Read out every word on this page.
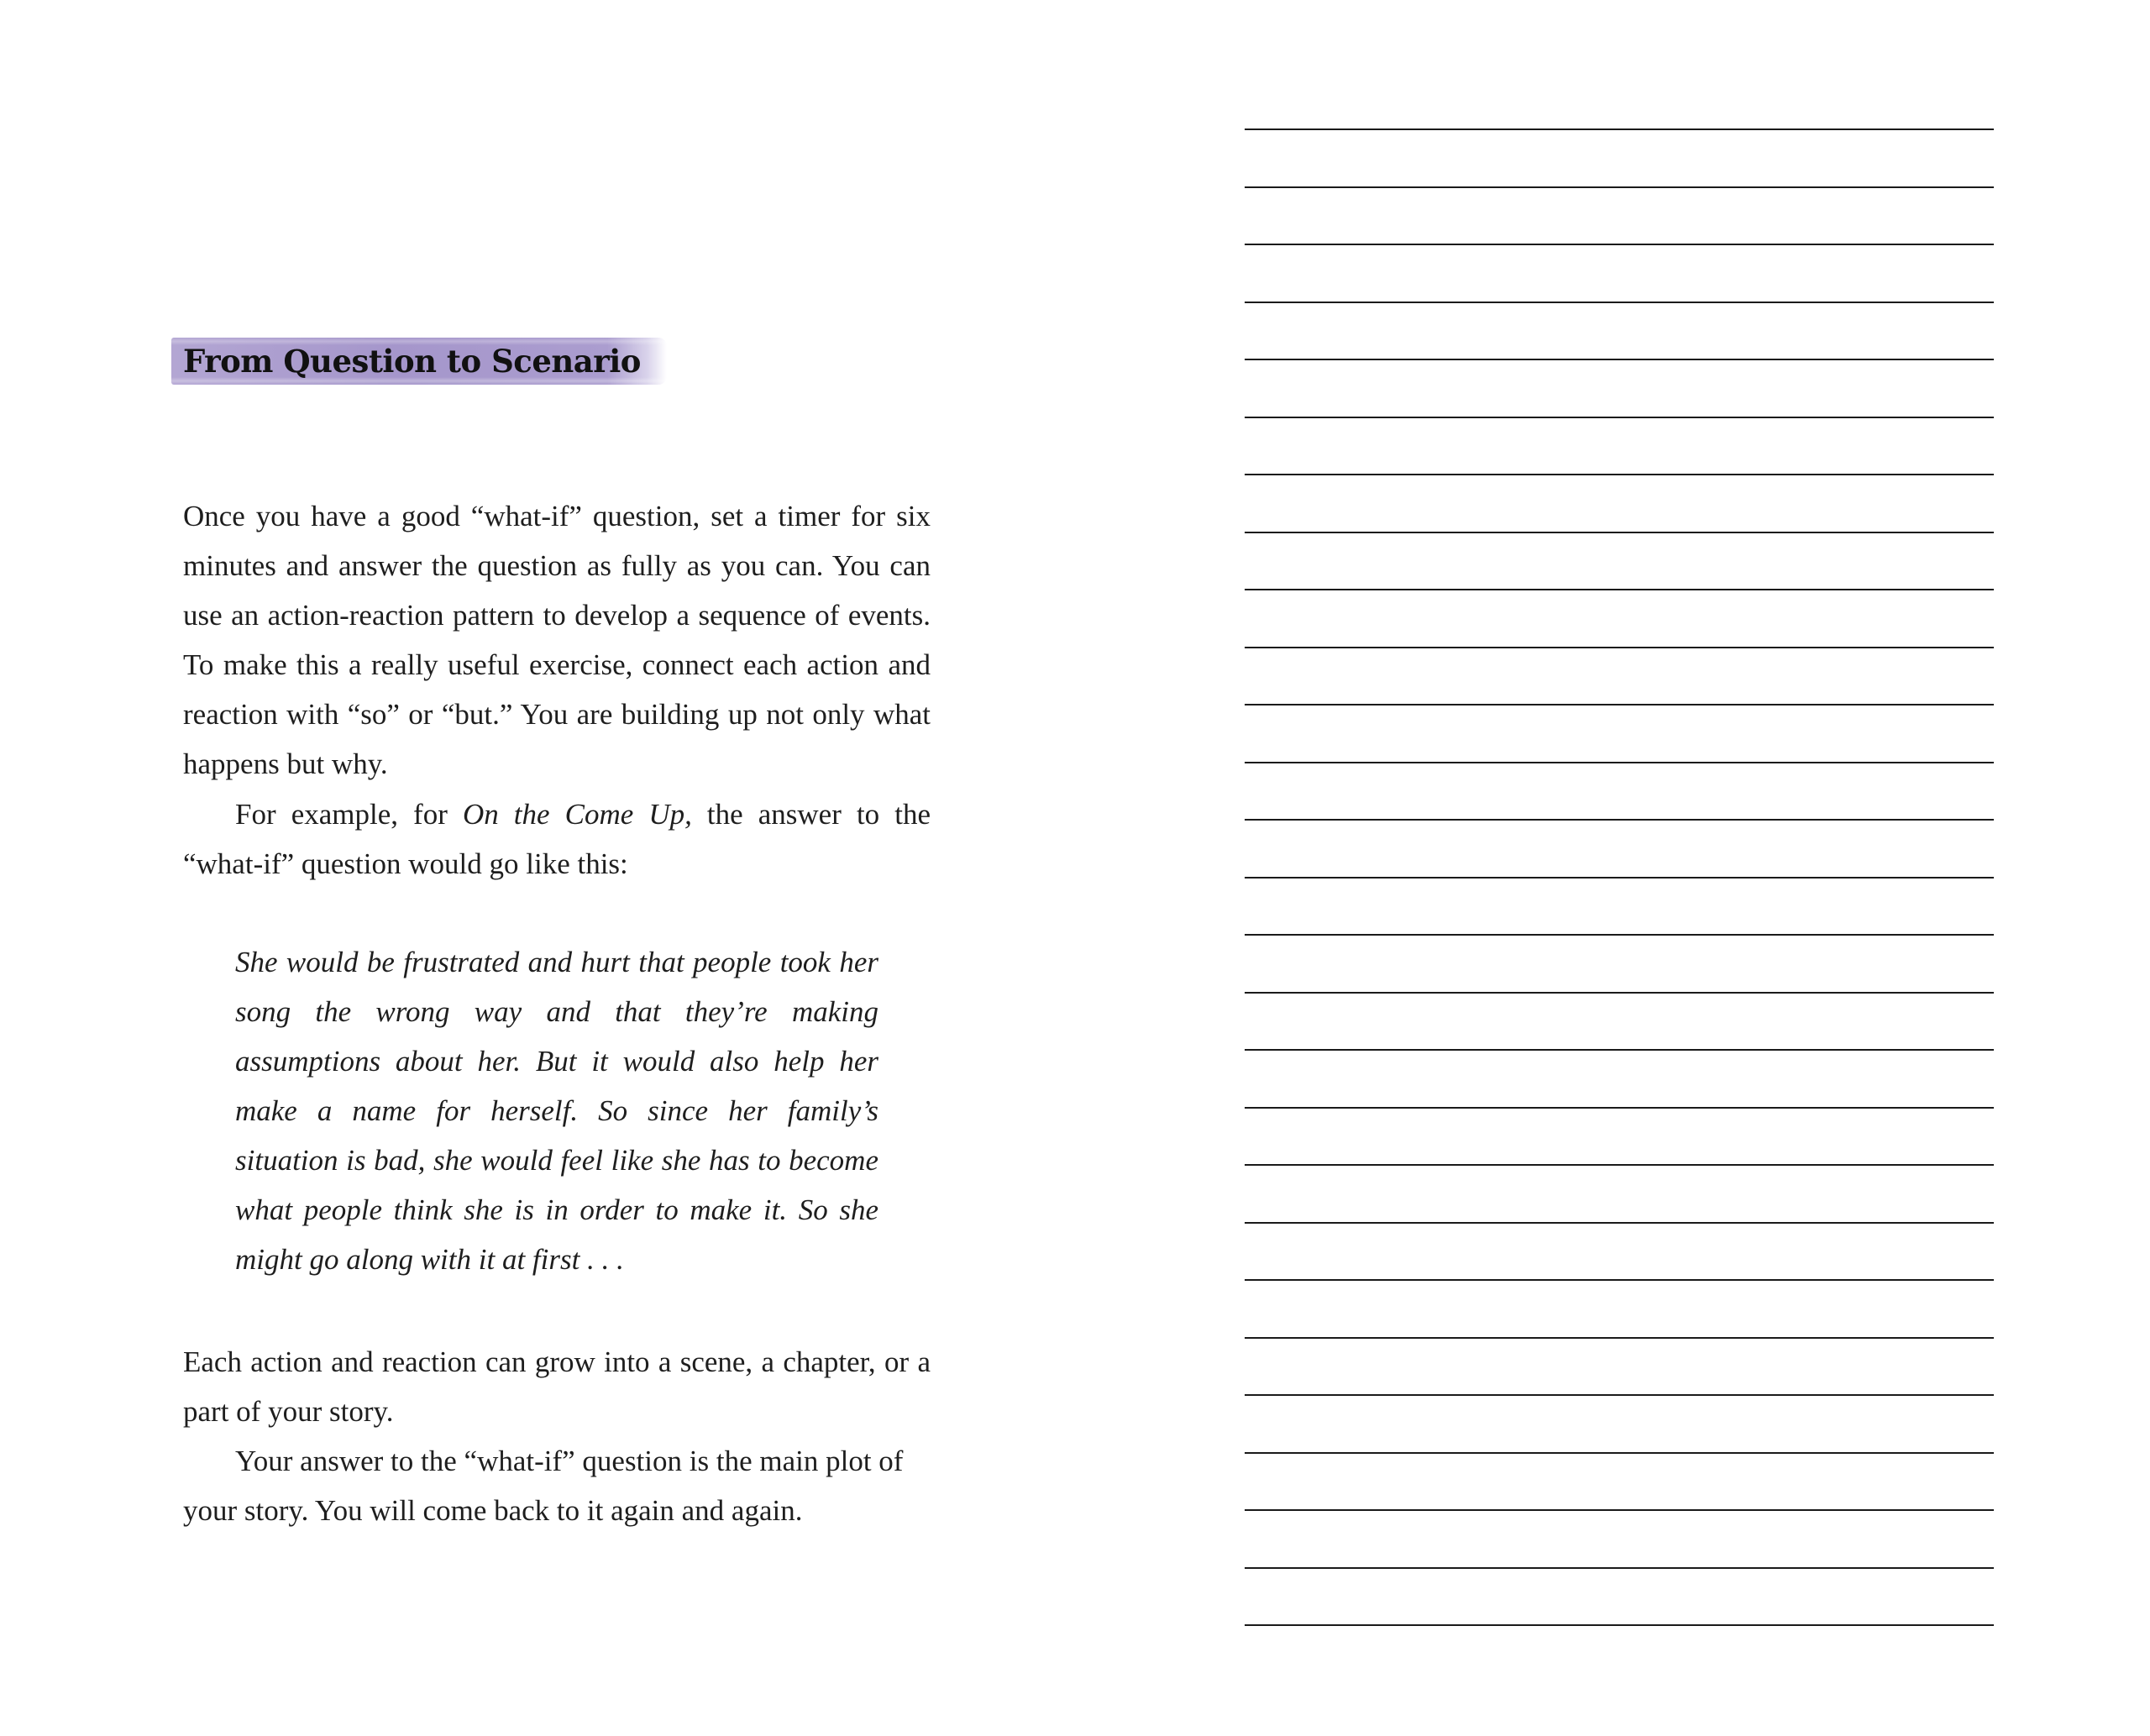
From Question to Scenario

Once you have a good “what-if” question, set a timer for six minutes and answer the question as fully as you can. You can use an action-reaction pattern to develop a sequence of events. To make this a really useful exercise, connect each action and reaction with “so” or “but.” You are building up not only what happens but why.

For example, for On the Come Up, the answer to the “what-if” question would go like this:

She would be frustrated and hurt that people took her song the wrong way and that they’re making assumptions about her. But it would also help her make a name for herself. So since her family’s situation is bad, she would feel like she has to become what people think she is in order to make it. So she might go along with it at first . . .

Each action and reaction can grow into a scene, a chapter, or a part of your story.

Your answer to the “what-if” question is the main plot of your story. You will come back to it again and again.
